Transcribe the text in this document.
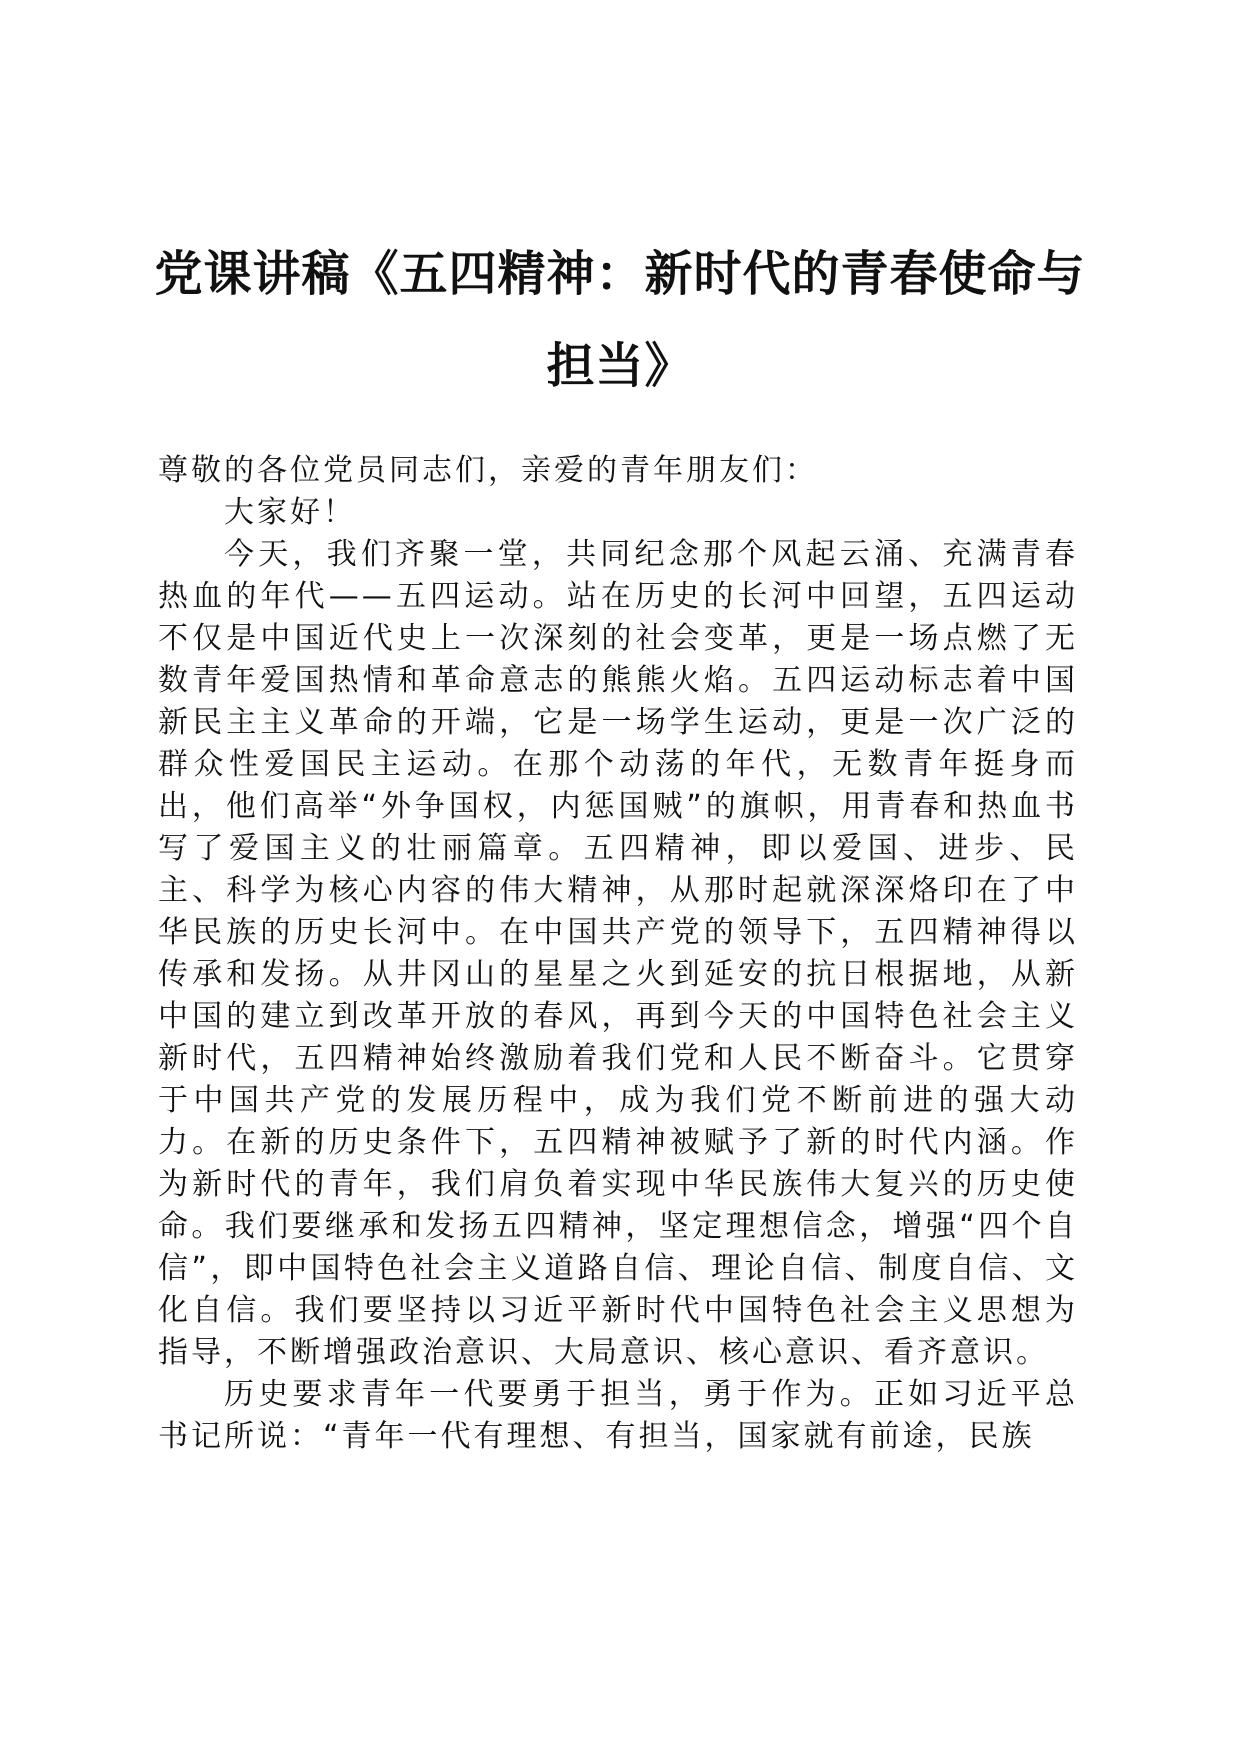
党课讲稿《五四精神：新时代的青春使命与担当》

尊敬的各位党员同志们，亲爱的青年朋友们：

大家好！

今天，我们齐聚一堂，共同纪念那个风起云涌、充满青春热血的年代——五四运动。站在历史的长河中回望，五四运动不仅是中国近代史上一次深刻的社会变革，更是一场点燃了无数青年爱国热情和革命意志的熊熊火焰。五四运动标志着中国新民主主义革命的开端，它是一场学生运动，更是一次广泛的群众性爱国民主运动。在那个动荡的年代，无数青年挺身而出，他们高举“外争国权，内惩国贼”的旗帜，用青春和热血书写了爱国主义的壮丽篇章。五四精神，即以爱国、进步、民主、科学为核心内容的伟大精神，从那时起就深深烙印在了中华民族的历史长河中。在中国共产党的领导下，五四精神得以传承和发扬。从井冈山的星星之火到延安的抗日根据地，从新中国的建立到改革开放的春风，再到今天的中国特色社会主义新时代，五四精神始终激励着我们党和人民不断奋斗。它贯穿于中国共产党的发展历程中，成为我们党不断前进的强大动力。在新的历史条件下，五四精神被赋予了新的时代内涵。作为新时代的青年，我们肩负着实现中华民族伟大复兴的历史使命。我们要继承和发扬五四精神，坚定理想信念，增强“四个自信”，即中国特色社会主义道路自信、理论自信、制度自信、文化自信。我们要坚持以习近平新时代中国特色社会主义思想为指导，不断增强政治意识、大局意识、核心意识、看齐意识。

历史要求青年一代要勇于担当，勇于作为。正如习近平总书记所说：“青年一代有理想、有担当，国家就有前途，民族
